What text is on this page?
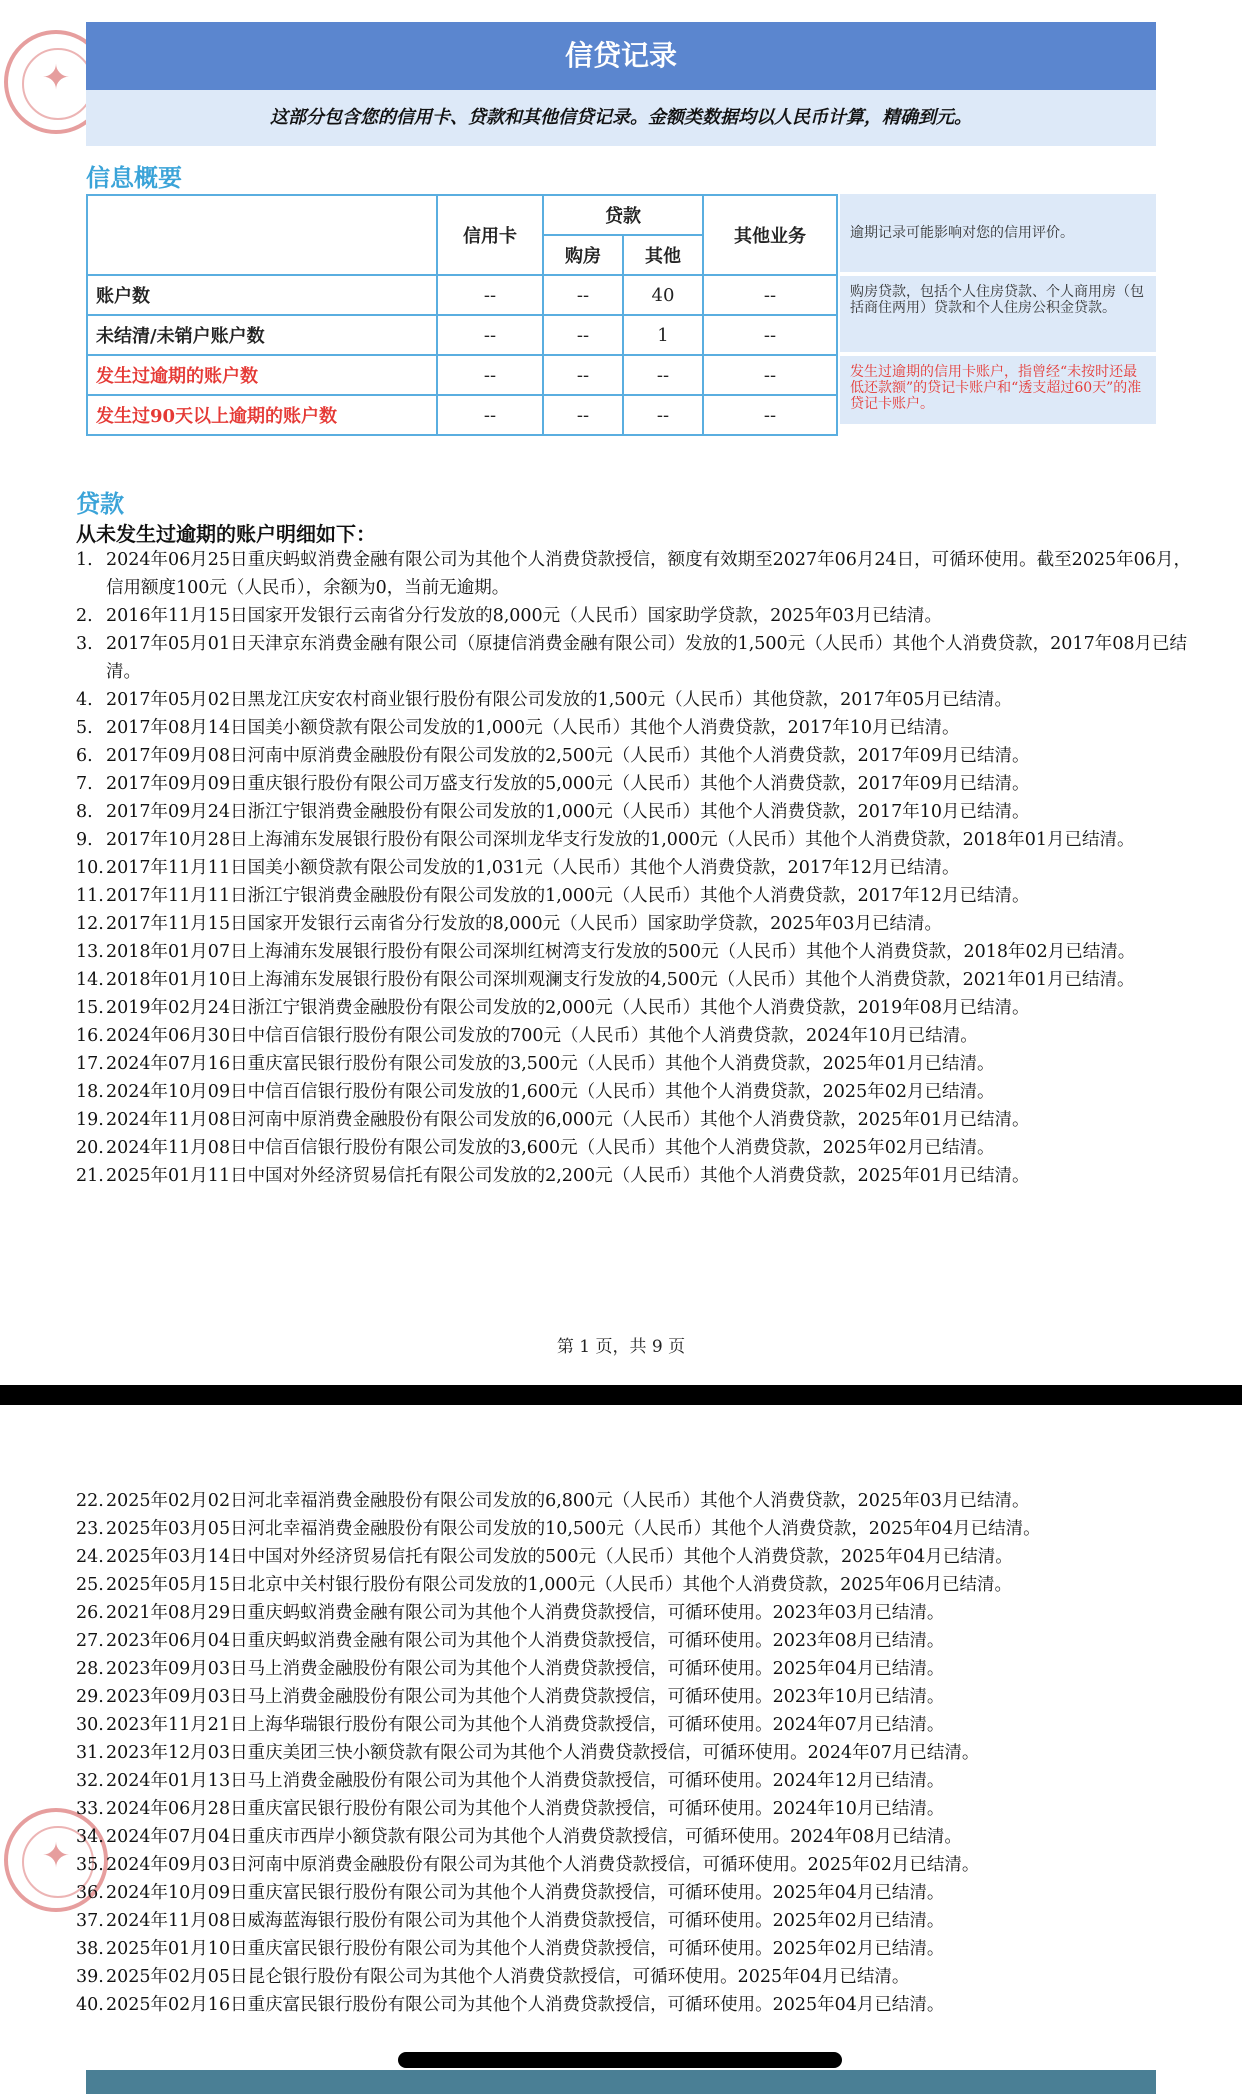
✦
信贷记录
这部分包含您的信用卡、贷款和其他信贷记录。金额类数据均以人民币计算，精确到元。
信息概要
	信用卡	贷款		其他业务
		购房	其他	
账户数	--	--	40	--
未结清/未销户账户数	--	--	1	--
发生过逾期的账户数	--	--	--	--
发生过90天以上逾期的账户数	--	--	--	--
逾期记录可能影响对您的信用评价。
购房贷款，包括个人住房贷款、个人商用房（包括商住两用）贷款和个人住房公积金贷款。
发生过逾期的信用卡账户，指曾经“未按时还最低还款额”的贷记卡账户和“透支超过60天”的准贷记卡账户。
贷款
从未发生过逾期的账户明细如下：
1. 2024年06月25日重庆蚂蚁消费金融有限公司为其他个人消费贷款授信，额度有效期至2027年06月24日，可循环使用。截至2025年06月，信用额度100元（人民币），余额为0，当前无逾期。
2. 2016年11月15日国家开发银行云南省分行发放的8,000元（人民币）国家助学贷款，2025年03月已结清。
3. 2017年05月01日天津京东消费金融有限公司（原捷信消费金融有限公司）发放的1,500元（人民币）其他个人消费贷款，2017年08月已结清。
4. 2017年05月02日黑龙江庆安农村商业银行股份有限公司发放的1,500元（人民币）其他贷款，2017年05月已结清。
5. 2017年08月14日国美小额贷款有限公司发放的1,000元（人民币）其他个人消费贷款，2017年10月已结清。
6. 2017年09月08日河南中原消费金融股份有限公司发放的2,500元（人民币）其他个人消费贷款，2017年09月已结清。
7. 2017年09月09日重庆银行股份有限公司万盛支行发放的5,000元（人民币）其他个人消费贷款，2017年09月已结清。
8. 2017年09月24日浙江宁银消费金融股份有限公司发放的1,000元（人民币）其他个人消费贷款，2017年10月已结清。
9. 2017年10月28日上海浦东发展银行股份有限公司深圳龙华支行发放的1,000元（人民币）其他个人消费贷款，2018年01月已结清。
10. 2017年11月11日国美小额贷款有限公司发放的1,031元（人民币）其他个人消费贷款，2017年12月已结清。
11. 2017年11月11日浙江宁银消费金融股份有限公司发放的1,000元（人民币）其他个人消费贷款，2017年12月已结清。
12. 2017年11月15日国家开发银行云南省分行发放的8,000元（人民币）国家助学贷款，2025年03月已结清。
13. 2018年01月07日上海浦东发展银行股份有限公司深圳红树湾支行发放的500元（人民币）其他个人消费贷款，2018年02月已结清。
14. 2018年01月10日上海浦东发展银行股份有限公司深圳观澜支行发放的4,500元（人民币）其他个人消费贷款，2021年01月已结清。
15. 2019年02月24日浙江宁银消费金融股份有限公司发放的2,000元（人民币）其他个人消费贷款，2019年08月已结清。
16. 2024年06月30日中信百信银行股份有限公司发放的700元（人民币）其他个人消费贷款，2024年10月已结清。
17. 2024年07月16日重庆富民银行股份有限公司发放的3,500元（人民币）其他个人消费贷款，2025年01月已结清。
18. 2024年10月09日中信百信银行股份有限公司发放的1,600元（人民币）其他个人消费贷款，2025年02月已结清。
19. 2024年11月08日河南中原消费金融股份有限公司发放的6,000元（人民币）其他个人消费贷款，2025年01月已结清。
20. 2024年11月08日中信百信银行股份有限公司发放的3,600元（人民币）其他个人消费贷款，2025年02月已结清。
21. 2025年01月11日中国对外经济贸易信托有限公司发放的2,200元（人民币）其他个人消费贷款，2025年01月已结清。
第 1 页，共 9 页
✦
22. 2025年02月02日河北幸福消费金融股份有限公司发放的6,800元（人民币）其他个人消费贷款，2025年03月已结清。
23. 2025年03月05日河北幸福消费金融股份有限公司发放的10,500元（人民币）其他个人消费贷款，2025年04月已结清。
24. 2025年03月14日中国对外经济贸易信托有限公司发放的500元（人民币）其他个人消费贷款，2025年04月已结清。
25. 2025年05月15日北京中关村银行股份有限公司发放的1,000元（人民币）其他个人消费贷款，2025年06月已结清。
26. 2021年08月29日重庆蚂蚁消费金融有限公司为其他个人消费贷款授信，可循环使用。2023年03月已结清。
27. 2023年06月04日重庆蚂蚁消费金融有限公司为其他个人消费贷款授信，可循环使用。2023年08月已结清。
28. 2023年09月03日马上消费金融股份有限公司为其他个人消费贷款授信，可循环使用。2025年04月已结清。
29. 2023年09月03日马上消费金融股份有限公司为其他个人消费贷款授信，可循环使用。2023年10月已结清。
30. 2023年11月21日上海华瑞银行股份有限公司为其他个人消费贷款授信，可循环使用。2024年07月已结清。
31. 2023年12月03日重庆美团三快小额贷款有限公司为其他个人消费贷款授信，可循环使用。2024年07月已结清。
32. 2024年01月13日马上消费金融股份有限公司为其他个人消费贷款授信，可循环使用。2024年12月已结清。
33. 2024年06月28日重庆富民银行股份有限公司为其他个人消费贷款授信，可循环使用。2024年10月已结清。
34. 2024年07月04日重庆市西岸小额贷款有限公司为其他个人消费贷款授信，可循环使用。2024年08月已结清。
35. 2024年09月03日河南中原消费金融股份有限公司为其他个人消费贷款授信，可循环使用。2025年02月已结清。
36. 2024年10月09日重庆富民银行股份有限公司为其他个人消费贷款授信，可循环使用。2025年04月已结清。
37. 2024年11月08日威海蓝海银行股份有限公司为其他个人消费贷款授信，可循环使用。2025年02月已结清。
38. 2025年01月10日重庆富民银行股份有限公司为其他个人消费贷款授信，可循环使用。2025年02月已结清。
39. 2025年02月05日昆仑银行股份有限公司为其他个人消费贷款授信，可循环使用。2025年04月已结清。
40. 2025年02月16日重庆富民银行股份有限公司为其他个人消费贷款授信，可循环使用。2025年04月已结清。
